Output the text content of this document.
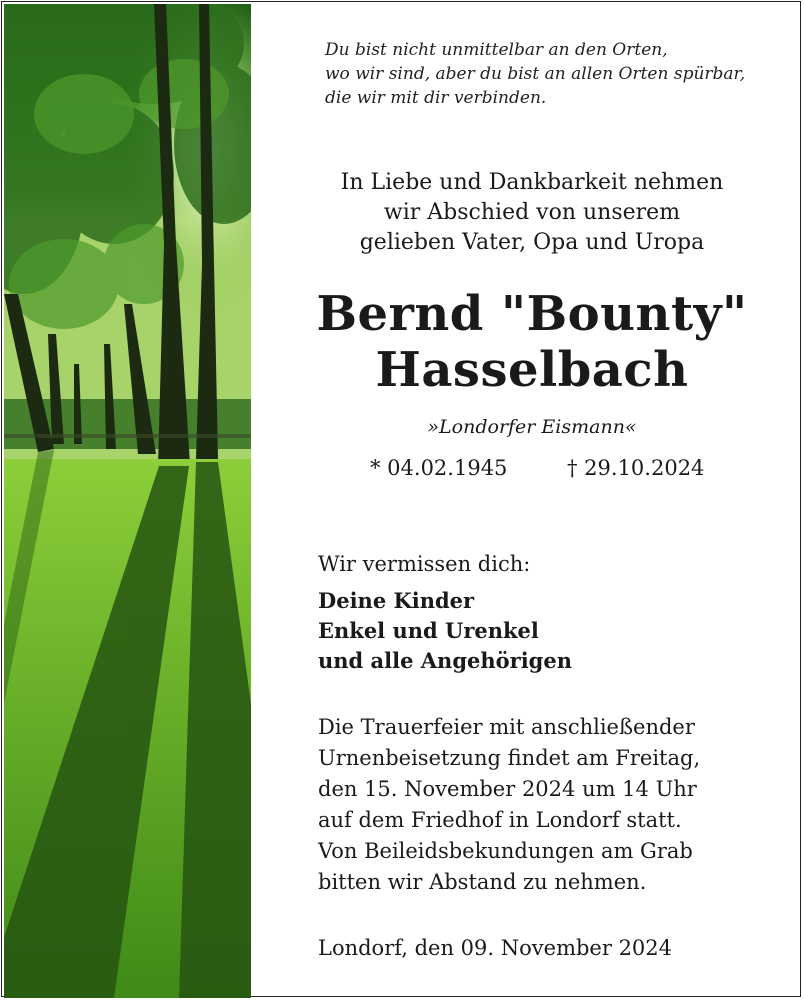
Du bist nicht unmittelbar an den Orten,
wo wir sind, aber du bist an allen Orten spürbar,
die wir mit dir verbinden.
In Liebe und Dankbarkeit nehmen
wir Abschied von unserem
gelieben Vater, Opa und Uropa
Bernd "Bounty"
Hasselbach
»Londorfer Eismann«
* 04.02.1945	† 29.10.2024
Wir vermissen dich:
Deine Kinder
Enkel und Urenkel
und alle Angehörigen
Die Trauerfeier mit anschließender
Urnenbeisetzung findet am Freitag,
den 15. November 2024 um 14 Uhr
auf dem Friedhof in Londorf statt.
Von Beileidsbekundungen am Grab
bitten wir Abstand zu nehmen.
Londorf, den 09. November 2024
